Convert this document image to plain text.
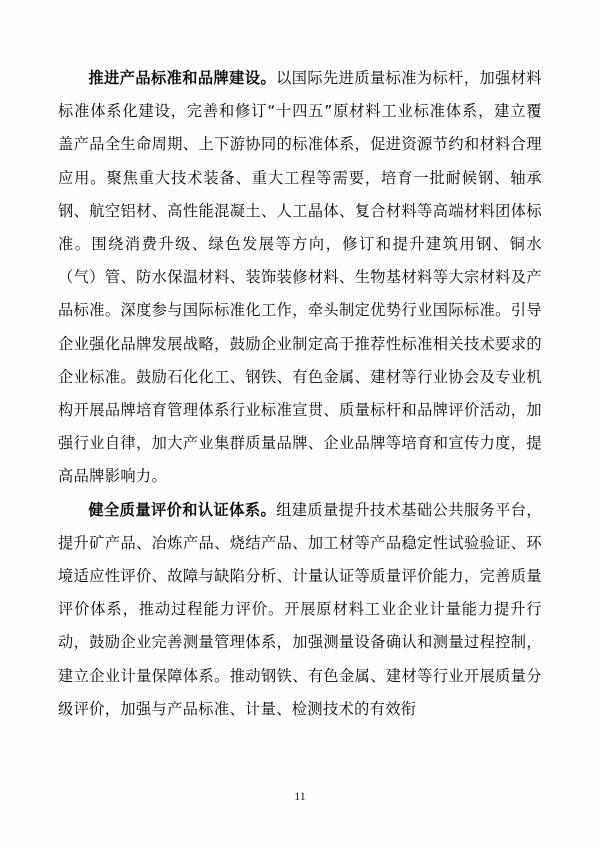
推进产品标准和品牌建设。以国际先进质量标准为标杆，加强材料标准体系化建设，完善和修订“十四五”原材料工业标准体系，建立覆盖产品全生命周期、上下游协同的标准体系，促进资源节约和材料合理应用。聚焦重大技术装备、重大工程等需要，培育一批耐候钢、轴承钢、航空铝材、高性能混凝土、人工晶体、复合材料等高端材料团体标准。围绕消费升级、绿色发展等方向，修订和提升建筑用钢、铜水（气）管、防水保温材料、装饰装修材料、生物基材料等大宗材料及产品标准。深度参与国际标准化工作，牵头制定优势行业国际标准。引导企业强化品牌发展战略，鼓励企业制定高于推荐性标准相关技术要求的企业标准。鼓励石化化工、钢铁、有色金属、建材等行业协会及专业机构开展品牌培育管理体系行业标准宣贯、质量标杆和品牌评价活动，加强行业自律，加大产业集群质量品牌、企业品牌等培育和宣传力度，提高品牌影响力。

健全质量评价和认证体系。组建质量提升技术基础公共服务平台，提升矿产品、冶炼产品、烧结产品、加工材等产品稳定性试验验证、环境适应性评价、故障与缺陷分析、计量认证等质量评价能力，完善质量评价体系，推动过程能力评价。开展原材料工业企业计量能力提升行动，鼓励企业完善测量管理体系，加强测量设备确认和测量过程控制，建立企业计量保障体系。推动钢铁、有色金属、建材等行业开展质量分级评价，加强与产品标准、计量、检测技术的有效衔

11
